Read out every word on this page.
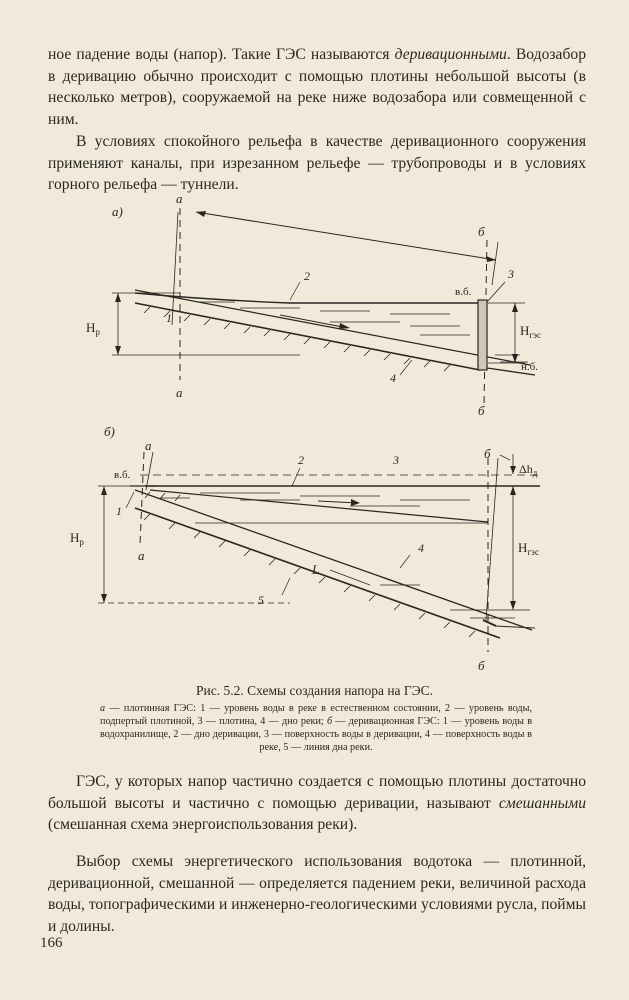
ное падение воды (напор). Такие ГЭС называются деривационными. Водозабор в деривацию обычно происходит с помощью плотины небольшой высоты (в несколько метров), сооружаемой на реке ниже водозабора или совмещенной с ним.

В условиях спокойного рельефа в качестве деривационного сооружения применяют каналы, при изрезанном рельефе — трубопроводы и в условиях горного рельефа — туннели.

а)
а
а
б
б
1
2	3
4
$H_р$	$H_{гэс}$
в.б.
н.б.
б)
а
а
б
б
1
2	3
4
5
L
$H_р$	$H_{гэс}$
$\Delta h_д$
в.б.

Рис. 5.2. Схемы создания напора на ГЭС.

а — плотинная ГЭС: 1 — уровень воды в реке в естественном состоянии, 2 — уровень воды, подпертый плотиной, 3 — плотина, 4 — дно реки; б — деривационная ГЭС: 1 — уровень воды в водохранилище, 2 — дно деривации, 3 — поверхность воды в деривации, 4 — поверхность воды в реке, 5 — линия дна реки.

ГЭС, у которых напор частично создается с помощью плотины достаточно большой высоты и частично с помощью деривации, называют смешанными (смешанная схема энергоиспользования реки).

Выбор схемы энергетического использования водотока — плотинной, деривационной, смешанной — определяется падением реки, величиной расхода воды, топографическими и инженерно-геологическими условиями русла, поймы и долины.

166
